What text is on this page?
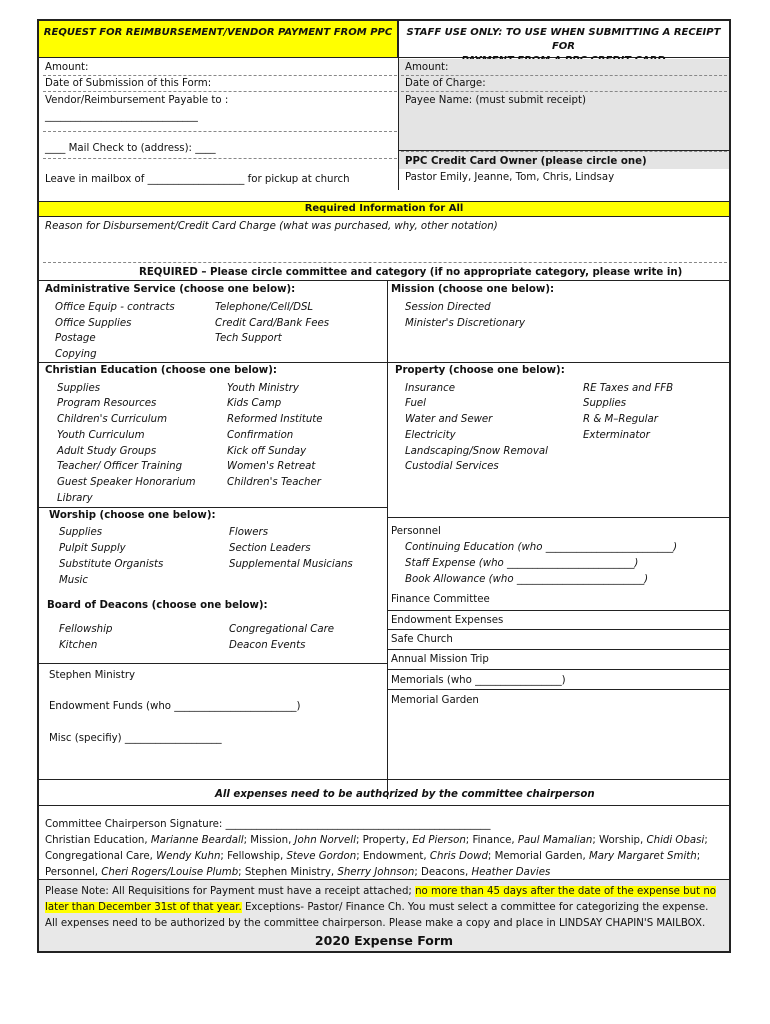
REQUEST FOR REIMBURSEMENT/VENDOR PAYMENT FROM PPC	STAFF USE ONLY: TO USE WHEN SUBMITTING A RECEIPT FOR
Amount:
Date of Submission of this Form:
Vendor/Reimbursement Payable to :
______________________________
____ Mail Check to (address): ____
Leave in mailbox of ___________________ for pickup at church
Amount:
Date of Charge:
Payee Name: (must submit receipt)
PPC Credit Card Owner (please circle one)
Pastor Emily, Jeanne, Tom, Chris, Lindsay
Required Information for All
Reason for Disbursement/Credit Card Charge (what was purchased, why, other notation)
REQUIRED – Please circle committee and category (if no appropriate category, please write in)
Administrative Service (choose one below):
Office Equip - contracts
Office Supplies
Postage
Copying
Telephone/Cell/DSL
Credit Card/Bank Fees
Tech Support
Mission (choose one below):
Session Directed
Minister's Discretionary
Christian Education (choose one below):
Supplies
Program Resources
Children's Curriculum
Youth Curriculum
Adult Study Groups
Teacher/ Officer Training
Guest Speaker Honorarium
Library
Youth Ministry
Kids Camp
Reformed Institute
Confirmation
Kick off Sunday
Women's Retreat
Children's Teacher
Property (choose one below):
Insurance
Fuel
Water and Sewer
Electricity
Landscaping/Snow Removal
Custodial Services
RE Taxes and FFB
Supplies
R & M–Regular
Exterminator
Worship (choose one below):
Supplies
Pulpit Supply
Substitute Organists
Music
Flowers
Section Leaders
Supplemental Musicians
Personnel
Continuing Education (who _________________________)
Staff Expense (who _________________________)
Book Allowance (who _________________________)
Board of Deacons (choose one below):
Fellowship
Kitchen
Congregational Care
Deacon Events
Finance Committee
Endowment Expenses
Safe Church
Annual Mission Trip
Memorials (who _________________)
Memorial Garden
Stephen Ministry
Endowment Funds (who ________________________)
Misc (specifiy) ___________________
All expenses need to be authorized by the committee chairperson
Committee Chairperson Signature: ____________________________________________________
Christian Education, Marianne Beardall; Mission, John Norvell; Property, Ed Pierson; Finance, Paul Mamalian; Worship, Chidi Obasi;
Congregational Care, Wendy Kuhn; Fellowship, Steve Gordon; Endowment, Chris Dowd; Memorial Garden, Mary Margaret Smith;
Personnel, Cheri Rogers/Louise Plumb; Stephen Ministry, Sherry Johnson; Deacons, Heather Davies
Please Note: All Requisitions for Payment must have a receipt attached; no more than 45 days after the date of the expense but no
later than December 31st of that year. Exceptions- Pastor/ Finance Ch. You must select a committee for categorizing the expense.
All expenses need to be authorized by the committee chairperson. Please make a copy and place in LINDSAY CHAPIN'S MAILBOX.
2020 Expense Form
